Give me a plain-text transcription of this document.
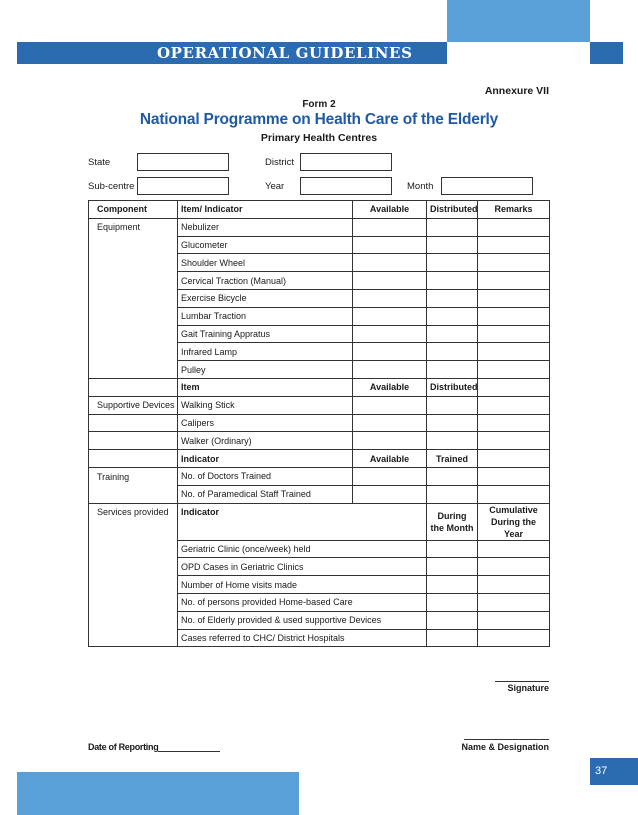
OPERATIONAL GUIDELINES
Annexure VII
Form 2
National Programme on Health Care of the Elderly
Primary Health Centres
State	District
Sub-centre	Year	Month
Component	Item/ Indicator	Available	Distributed	Remarks
Equipment	Nebulizer			
	Glucometer			
	Shoulder Wheel			
	Cervical Traction (Manual)			
	Exercise Bicycle			
	Lumbar Traction			
	Gait Training Appratus			
	Infrared Lamp			
	Pulley			
	Item	Available	Distributed	
Supportive Devices	Walking Stick			
	Calipers			
	Walker (Ordinary)			
	Indicator	Available	Trained	
Training	No. of Doctors Trained			
	No. of Paramedical Staff Trained			
Services provided	Indicator		During the Month	Cumulative During the Year
	Geriatric Clinic (once/week) held			
	OPD Cases in Geriatric Clinics			
	Number of Home visits made			
	No. of persons provided Home-based Care			
	No. of Elderly provided & used supportive Devices			
	Cases referred to CHC/ District Hospitals			
Signature
Name & Designation
Date of Reporting
37
